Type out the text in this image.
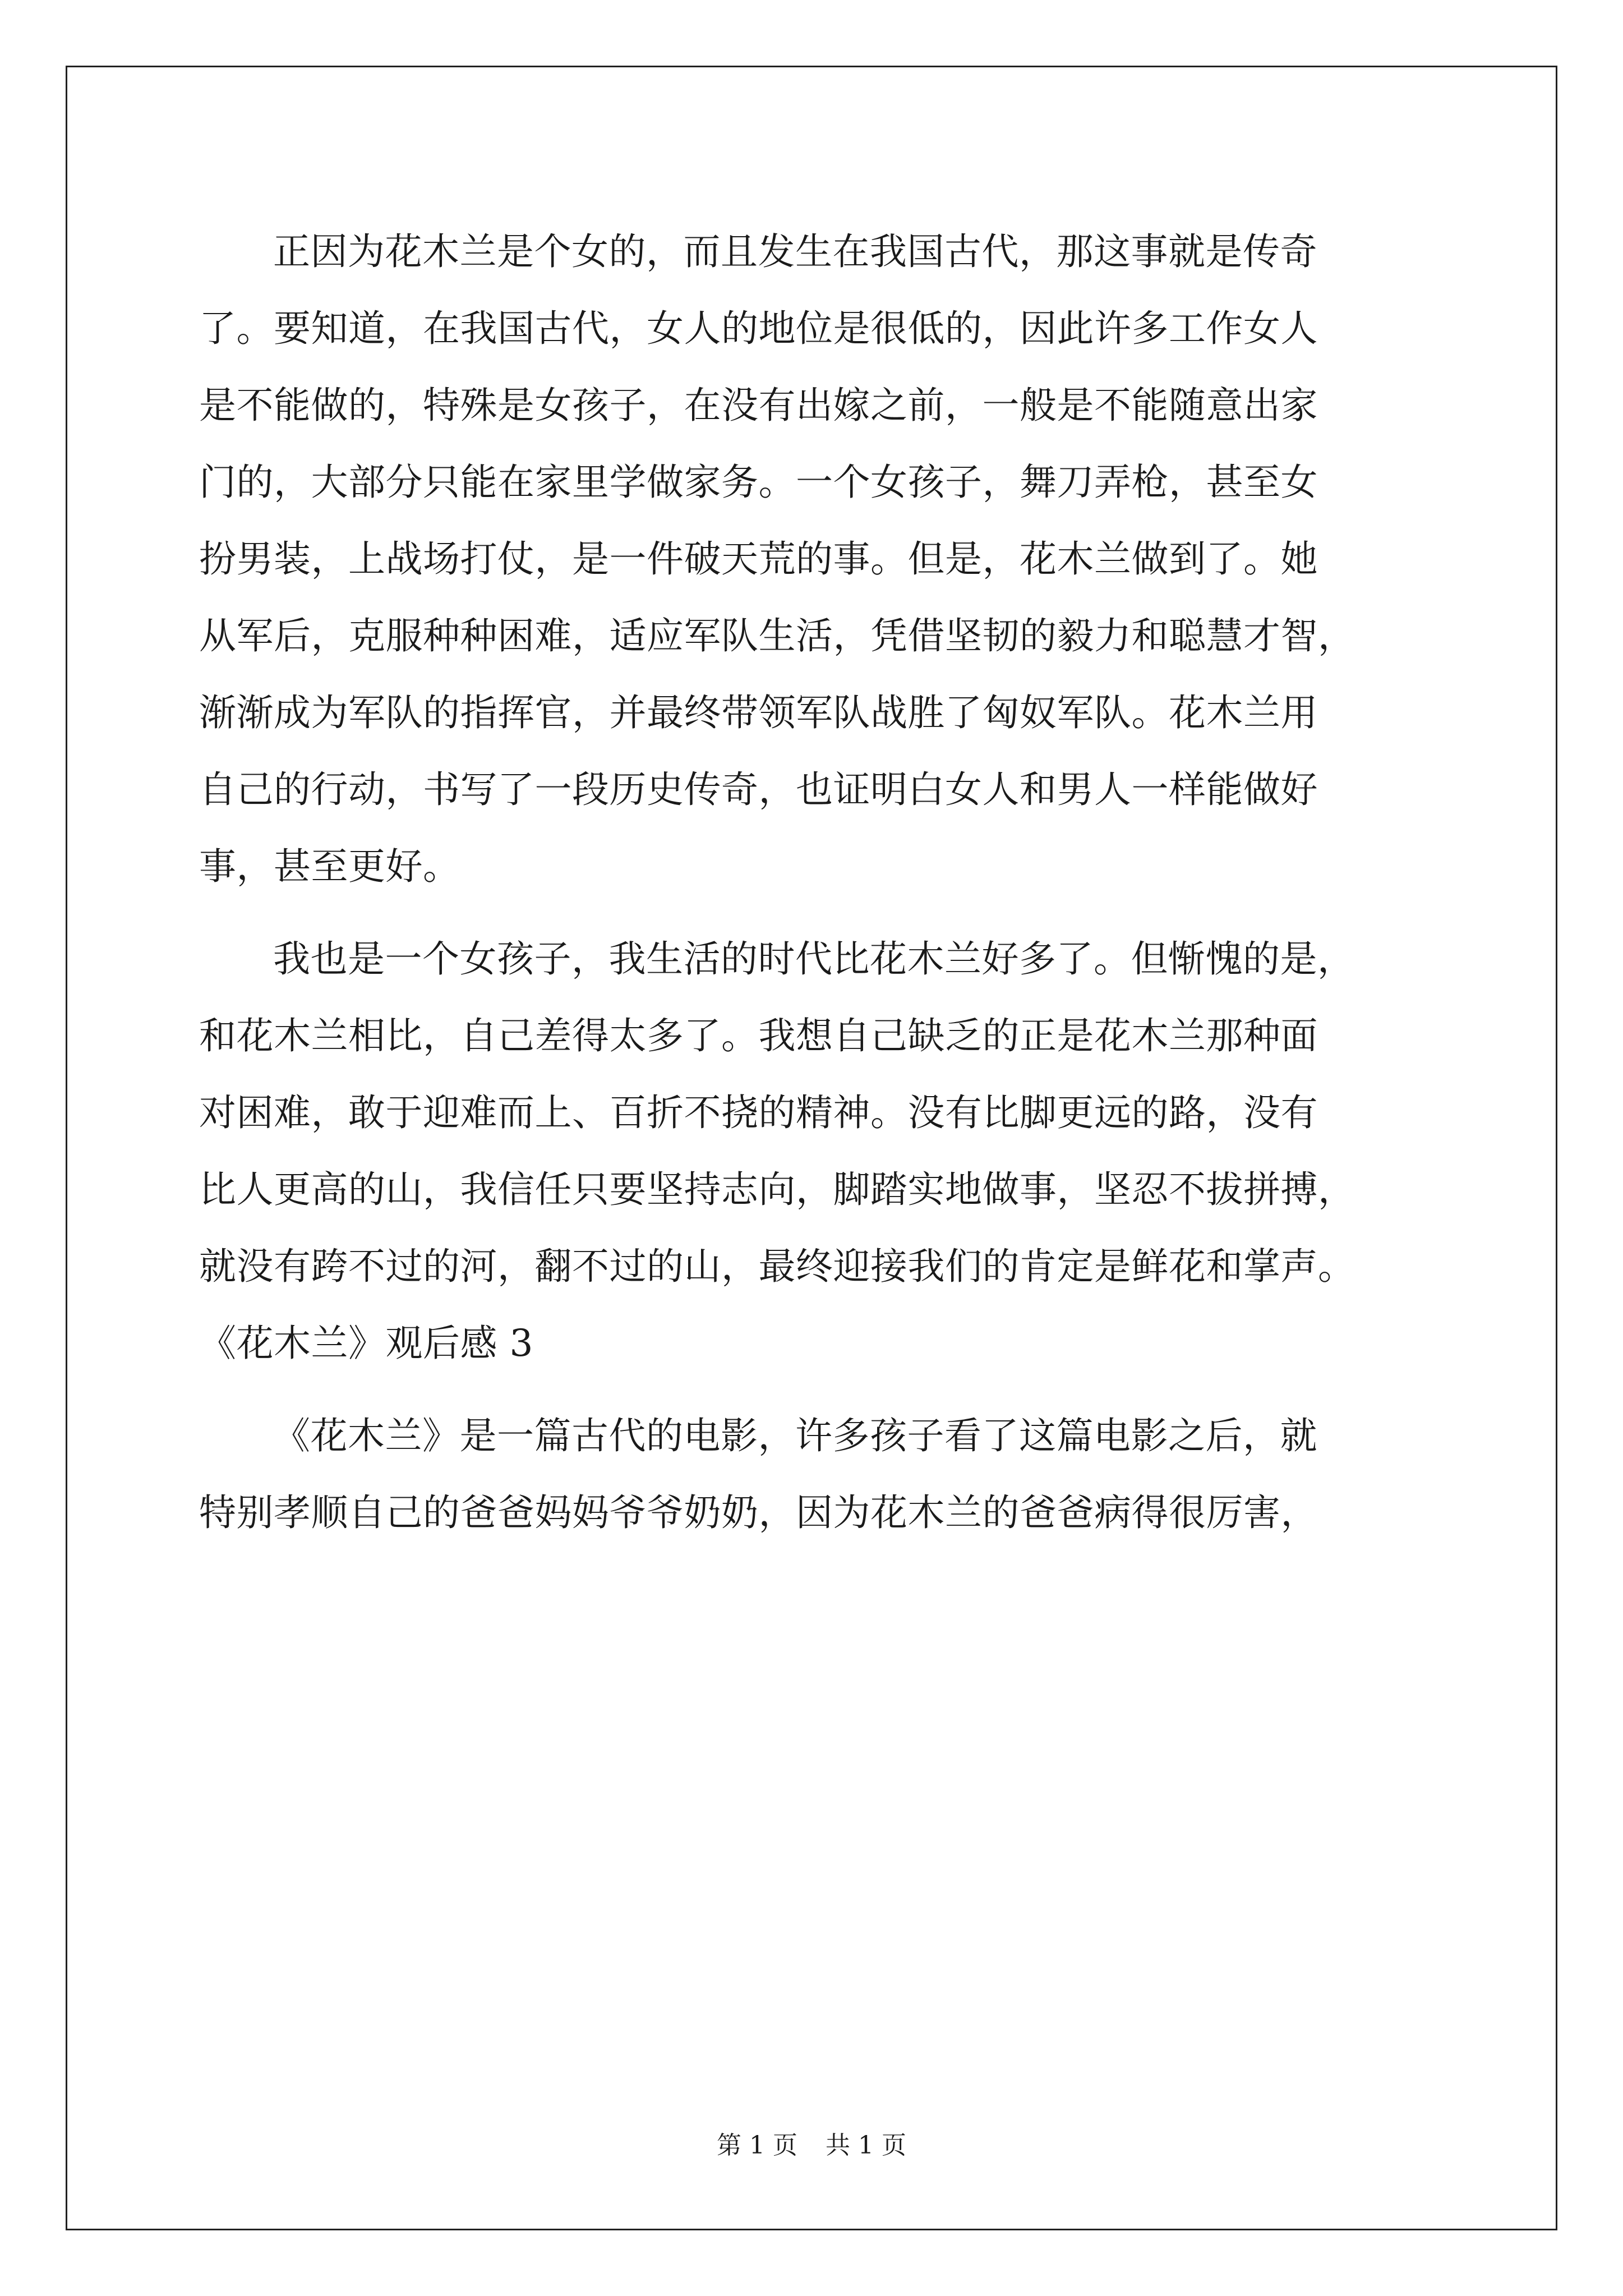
正因为花木兰是个女的，而且发生在我国古代，那这事就是传奇
了。要知道，在我国古代，女人的地位是很低的，因此许多工作女人
是不能做的，特殊是女孩子，在没有出嫁之前，一般是不能随意出家
门的，大部分只能在家里学做家务。一个女孩子，舞刀弄枪，甚至女
扮男装，上战场打仗，是一件破天荒的事。但是，花木兰做到了。她
从军后，克服种种困难，适应军队生活，凭借坚韧的毅力和聪慧才智，
渐渐成为军队的指挥官，并最终带领军队战胜了匈奴军队。花木兰用
自己的行动，书写了一段历史传奇，也证明白女人和男人一样能做好
事，甚至更好。
我也是一个女孩子，我生活的时代比花木兰好多了。但惭愧的是，
和花木兰相比，自己差得太多了。我想自己缺乏的正是花木兰那种面
对困难，敢于迎难而上、百折不挠的精神。没有比脚更远的路，没有
比人更高的山，我信任只要坚持志向，脚踏实地做事，坚忍不拔拼搏，
就没有跨不过的河，翻不过的山，最终迎接我们的肯定是鲜花和掌声。
《花木兰》观后感 3
《花木兰》是一篇古代的电影，许多孩子看了这篇电影之后，就
特别孝顺自己的爸爸妈妈爷爷奶奶，因为花木兰的爸爸病得很厉害，
第 1 页 共 1 页
